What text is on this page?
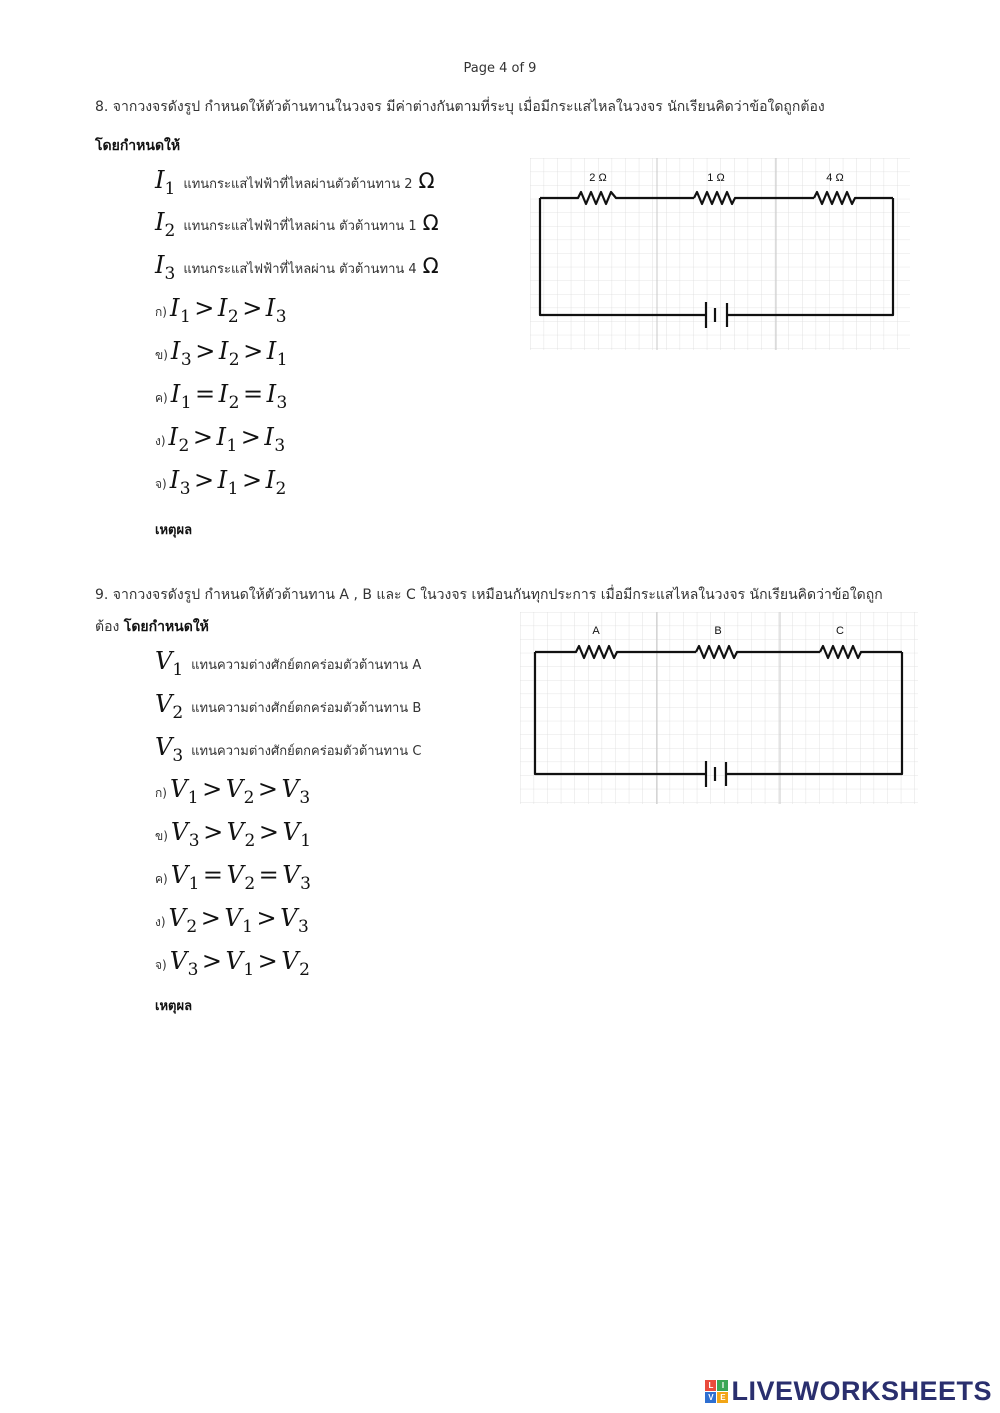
Page 4 of 9
8. จากวงจรดังรูป กำหนดให้ตัวต้านทานในวงจร มีค่าต่างกันตามที่ระบุ เมื่อมีกระแสไหลในวงจร นักเรียนคิดว่าข้อใดถูกต้อง
โดยกำหนดให้
$I_1$ แทนกระแสไฟฟ้าที่ไหลผ่านตัวต้านทาน 2 Ω
$I_2$ แทนกระแสไฟฟ้าที่ไหลผ่าน ตัวต้านทาน 1 Ω
$I_3$ แทนกระแสไฟฟ้าที่ไหลผ่าน ตัวต้านทาน 4 Ω
ก) $I_1 > I_2 > I_3$
ข) $I_3 > I_2 > I_1$
ค) $I_1 = I_2 = I_3$
ง) $I_2 > I_1 > I_3$
จ) $I_3 > I_1 > I_2$
เหตุผล
2 Ω	1 Ω	4 Ω
9. จากวงจรดังรูป กำหนดให้ตัวต้านทาน A , B และ C ในวงจร เหมือนกันทุกประการ เมื่อมีกระแสไหลในวงจร นักเรียนคิดว่าข้อใดถูก
ต้อง โดยกำหนดให้
$V_1$ แทนความต่างศักย์ตกคร่อมตัวต้านทาน A
$V_2$ แทนความต่างศักย์ตกคร่อมตัวต้านทาน B
$V_3$ แทนความต่างศักย์ตกคร่อมตัวต้านทาน C
ก) $V_1 > V_2 > V_3$
ข) $V_3 > V_2 > V_1$
ค) $V_1 = V_2 = V_3$
ง) $V_2 > V_1 > V_3$
จ) $V_3 > V_1 > V_2$
เหตุผล
A	B	C
L	I
V E LIVEWORKSHEETS
